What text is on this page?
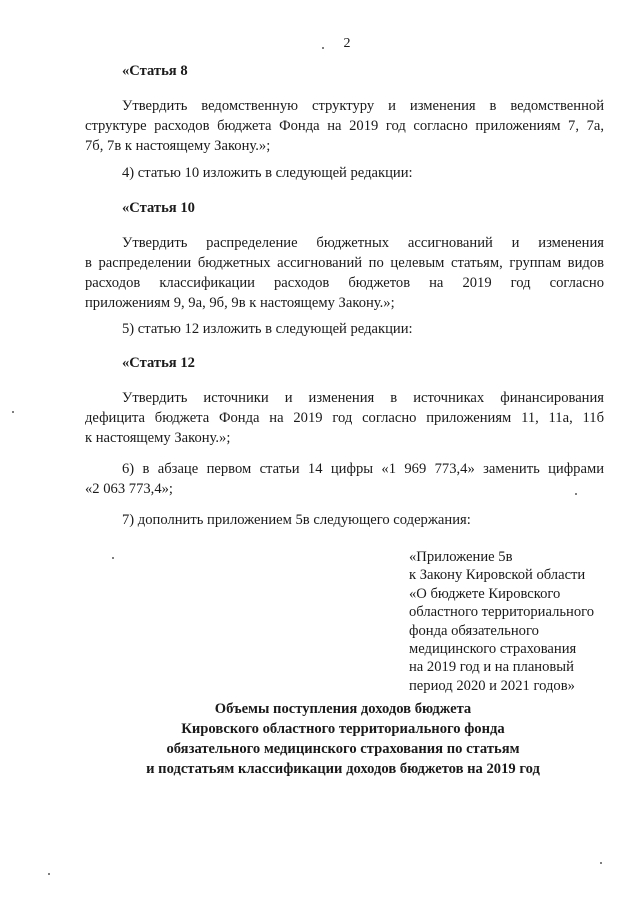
2
«Статья 8
Утвердить ведомственную структуру и изменения в ведомственной
структуре расходов бюджета Фонда на 2019 год согласно приложениям 7, 7а,
7б, 7в к настоящему Закону.»;
4) статью 10 изложить в следующей редакции:
«Статья 10
Утвердить распределение бюджетных ассигнований и изменения
в распределении бюджетных ассигнований по целевым статьям, группам видов
расходов классификации расходов бюджетов на 2019 год согласно
приложениям 9, 9а, 9б, 9в к настоящему Закону.»;
5) статью 12 изложить в следующей редакции:
«Статья 12
Утвердить источники и изменения в источниках финансирования
дефицита бюджета Фонда на 2019 год согласно приложениям 11, 11а, 11б
к настоящему Закону.»;
6) в абзаце первом статьи 14 цифры «1 969 773,4» заменить цифрами
«2 063 773,4»;
7) дополнить приложением 5в следующего содержания:
«Приложение 5в
к Закону Кировской области
«О бюджете Кировского
областного территориального
фонда обязательного
медицинского страхования
на 2019 год и на плановый
период 2020 и 2021 годов»
Объемы поступления доходов бюджета
Кировского областного территориального фонда
обязательного медицинского страхования по статьям
и подстатьям классификации доходов бюджетов на 2019 год
